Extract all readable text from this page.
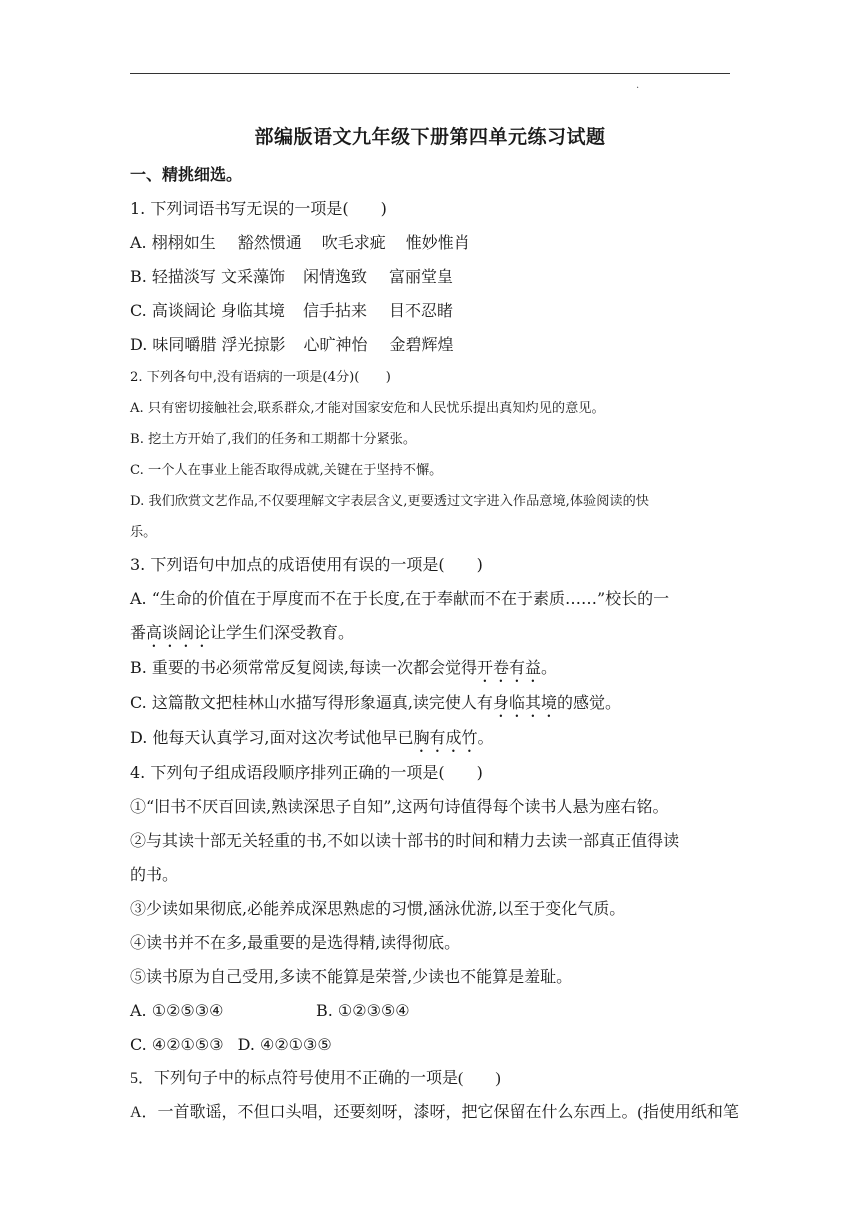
.
部编版语文九年级下册第四单元练习试题
一、精挑细选。

1. 下列词语书写无误的一项是(　　)

A. 栩栩如生 豁然惯通 吹毛求疵 惟妙惟肖

B. 轻描淡写 文采藻饰 闲情逸致 富丽堂皇

C. 高谈阔论 身临其境 信手拈来 目不忍睹

D. 味同嚼腊 浮光掠影 心旷神怡 金碧辉煌

2. 下列各句中,没有语病的一项是(4分)(　　)

A. 只有密切接触社会,联系群众,才能对国家安危和人民忧乐提出真知灼见的意见。

B. 挖土方开始了,我们的任务和工期都十分紧张。

C. 一个人在事业上能否取得成就,关键在于坚持不懈。

D. 我们欣赏文艺作品,不仅要理解文字表层含义,更要透过文字进入作品意境,体验阅读的快

乐。

3. 下列语句中加点的成语使用有误的一项是(　　)

A. “生命的价值在于厚度而不在于长度,在于奉献而不在于素质……”校长的一

番高谈阔论让学生们深受教育。

B. 重要的书必须常常反复阅读,每读一次都会觉得开卷有益。

C. 这篇散文把桂林山水描写得形象逼真,读完使人有身临其境的感觉。

D. 他每天认真学习,面对这次考试他早已胸有成竹。

4. 下列句子组成语段顺序排列正确的一项是(　　)

①“旧书不厌百回读,熟读深思子自知”,这两句诗值得每个读书人悬为座右铭。

②与其读十部无关轻重的书,不如以读十部书的时间和精力去读一部真正值得读

的书。

③少读如果彻底,必能养成深思熟虑的习惯,涵泳优游,以至于变化气质。

④读书并不在多,最重要的是选得精,读得彻底。

⑤读书原为自己受用,多读不能算是荣誉,少读也不能算是羞耻。

A. ①②⑤③④	B. ①②③⑤④

C. ④②①⑤③ D. ④②①③⑤

5．下列句子中的标点符号使用不正确的一项是(　　)

A．一首歌谣，不但口头唱，还要刻呀，漆呀，把它保留在什么东西上。(指使用纸和笔
